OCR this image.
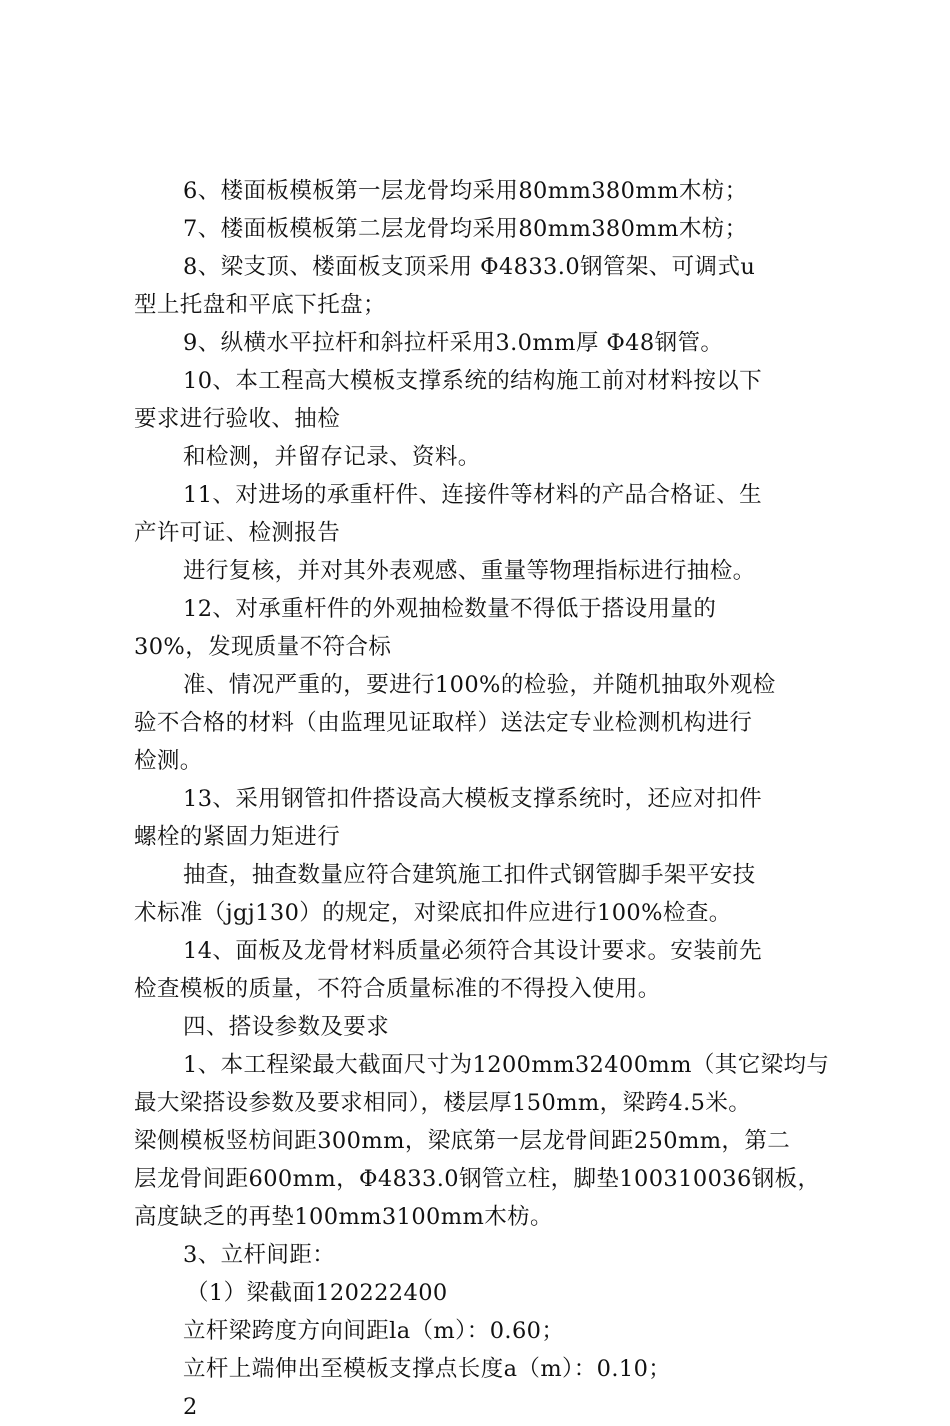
6、楼面板模板第一层龙骨均采用80mm380mm木枋；
7、楼面板模板第二层龙骨均采用80mm380mm木枋；
8、梁支顶、楼面板支顶采用 Φ4833.0钢管架、可调式u
型上托盘和平底下托盘；
9、纵横水平拉杆和斜拉杆采用3.0mm厚 Φ48钢管。
10、本工程高大模板支撑系统的结构施工前对材料按以下
要求进行验收、抽检
和检测，并留存记录、资料。
11、对进场的承重杆件、连接件等材料的产品合格证、生
产许可证、检测报告
进行复核，并对其外表观感、重量等物理指标进行抽检。
12、对承重杆件的外观抽检数量不得低于搭设用量的
30%，发现质量不符合标
准、情况严重的，要进行100%的检验，并随机抽取外观检
验不合格的材料（由监理见证取样）送法定专业检测机构进行
检测。
13、采用钢管扣件搭设高大模板支撑系统时，还应对扣件
螺栓的紧固力矩进行
抽查，抽查数量应符合建筑施工扣件式钢管脚手架平安技
术标准（jgj130）的规定，对梁底扣件应进行100%检查。
14、面板及龙骨材料质量必须符合其设计要求。安装前先
检查模板的质量，不符合质量标准的不得投入使用。
四、搭设参数及要求
1、本工程梁最大截面尺寸为1200mm32400mm（其它梁均与
最大梁搭设参数及要求相同），楼层厚150mm，梁跨4.5米。
梁侧模板竖枋间距300mm，梁底第一层龙骨间距250mm，第二
层龙骨间距600mm，Φ4833.0钢管立柱，脚垫100310036钢板，
高度缺乏的再垫100mm3100mm木枋。
3、立杆间距：
（1）梁截面120222400
立杆梁跨度方向间距la（m）：0.60；
立杆上端伸出至模板支撑点长度a（m）：0.10；
2
